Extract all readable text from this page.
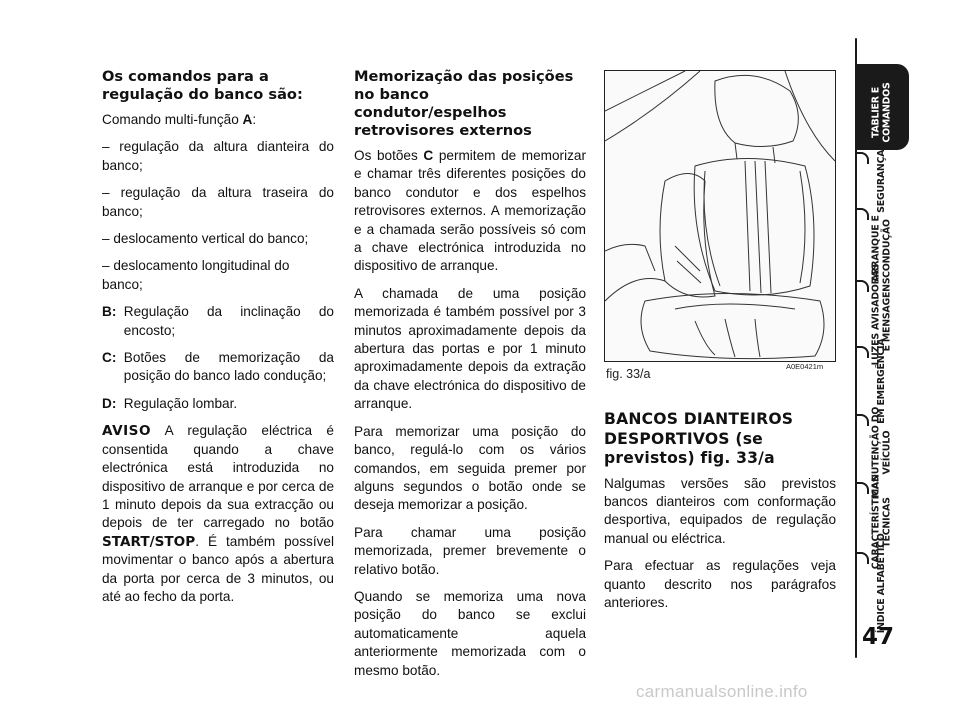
Os comandos para a regulação do banco são:

Comando multi-função A:

– regulação da altura dianteira do banco;

– regulação da altura traseira do banco;

– deslocamento vertical do banco;

– deslocamento longitudinal do banco;

B:
Regulação da inclinação do encosto;
C:
Botões de memorização da posição do banco lado condução;
D:
Regulação lombar.

AVISO A regulação eléctrica é consentida quando a chave electrónica está introduzida no dispositivo de arranque e por cerca de 1 minuto depois da sua extracção ou depois de ter carregado no botão START/STOP. É também possível movimentar o banco após a abertura da porta por cerca de 3 minutos, ou até ao fecho da porta.

Memorização das posições no banco condutor/espelhos retrovisores externos

Os botões C permitem de memorizar e chamar três diferentes posições do banco condutor e dos espelhos retrovisores externos. A memorização e a chamada serão possíveis só com a chave electrónica introduzida no dispositivo de arranque.

A chamada de uma posição memorizada é também possível por 3 minutos aproximadamente depois da abertura das portas e por 1 minuto aproximadamente depois da extração da chave electrónica do dispositivo de arranque.

Para memorizar uma posição do banco, regulá-lo com os vários comandos, em seguida premer por alguns segundos o botão onde se deseja memorizar a posição.

Para chamar uma posição memorizada, premer brevemente o relativo botão.

Quando se memoriza uma nova posição do banco se exclui automaticamente aquela anteriormente memorizada com o mesmo botão.

fig. 33/a
A0E0421m
BANCOS DIANTEIROS DESPORTIVOS (se previstos) fig. 33/a

Nalgumas versões são previstos bancos dianteiros com conformação desportiva, equipados de regulação manual ou eléctrica.

Para efectuar as regulações veja quanto descrito nos parágrafos anteriores.

TABLIER E COMANDOS
SEGURANÇA
ARRANQUE E CONDUÇÃO
LUZES AVISADORAS E MENSAGENS
EM EMERGÊNCIA
MANUTENÇÃO DO VEÍCULO
CARACTERÍSTICAS TÉCNICAS
ÍNDICE ALFABÉTICO
47
carmanualsonline.info
